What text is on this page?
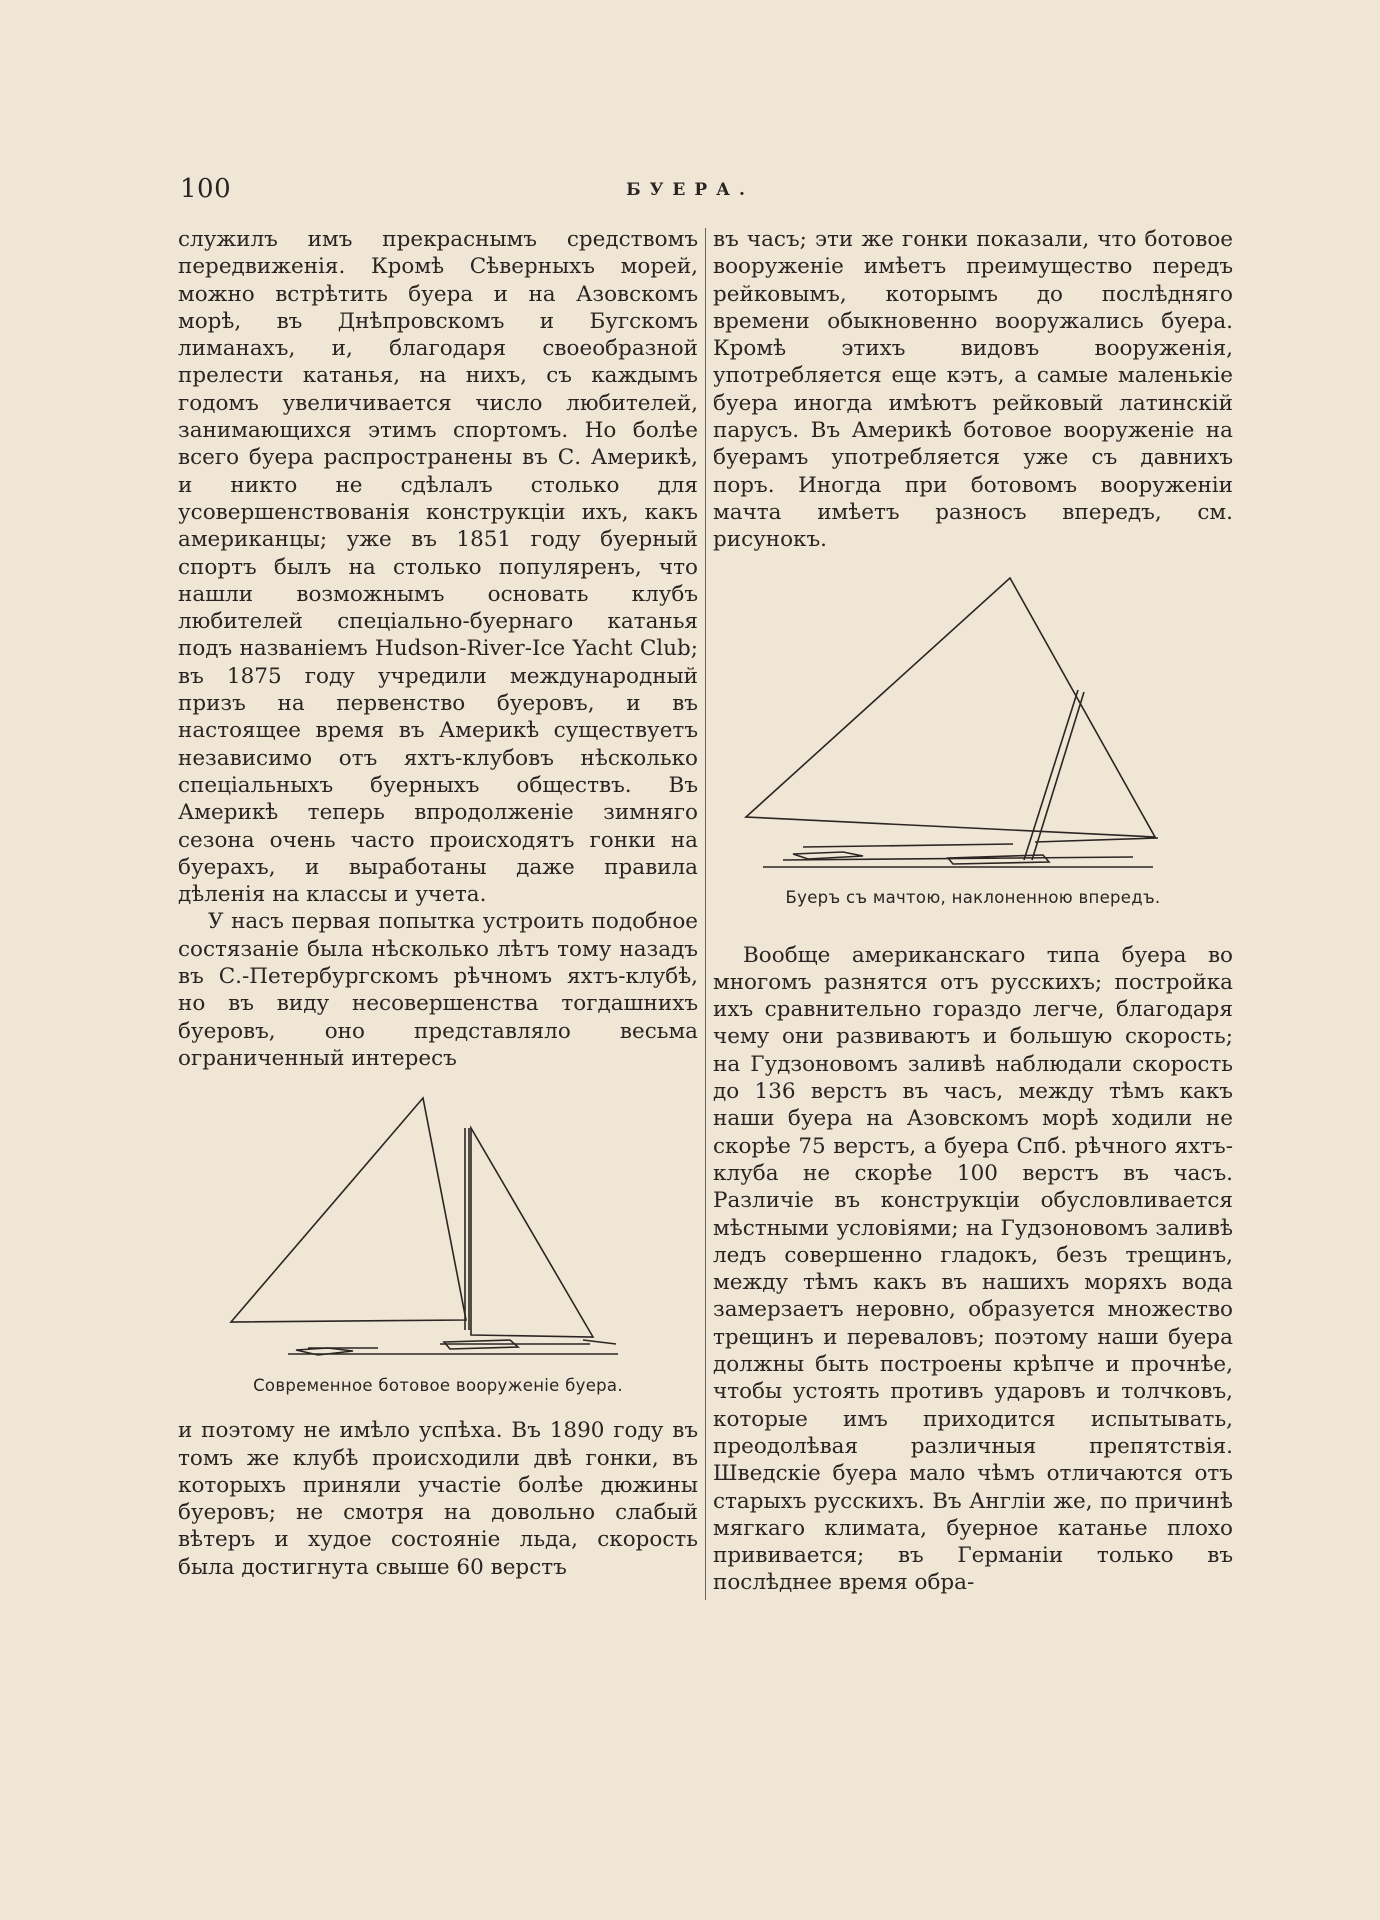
100	БУЕРА.

служилъ имъ прекраснымъ средствомъ передвиженія. Кромѣ Сѣверныхъ морей, можно встрѣтить буера и на Азовскомъ морѣ, въ Днѣпровскомъ и Бугскомъ лиманахъ, и, благодаря своеобразной прелести катанья, на нихъ, съ каждымъ годомъ увеличивается число любителей, занимающихся этимъ спортомъ. Но болѣе всего буера распространены въ С. Америкѣ, и никто не сдѣлалъ столько для усовершенствованія конструкціи ихъ, какъ американцы; уже въ 1851 году буерный спортъ былъ на столько популяренъ, что нашли возможнымъ основать клубъ любителей спеціально-буернаго катанья подъ названіемъ Hudson-River-Ice Yacht Club; въ 1875 году учредили международный призъ на первенство буеровъ, и въ настоящее время въ Америкѣ существуетъ независимо отъ яхтъ-клубовъ нѣсколько спеціальныхъ буерныхъ обществъ. Въ Америкѣ теперь впродолженіе зимняго сезона очень часто происходятъ гонки на буерахъ, и выработаны даже правила дѣленія на классы и учета.

У насъ первая попытка устроить подобное состязаніе была нѣсколько лѣтъ тому назадъ въ С.-Петербургскомъ рѣчномъ яхтъ-клубѣ, но въ виду несовершенства тогдашнихъ буеровъ, оно представляло весьма ограниченный интересъ

Современное ботовое вооруженіе буера.

и поэтому не имѣло успѣха. Въ 1890 году въ томъ же клубѣ происходили двѣ гонки, въ которыхъ приняли участіе болѣе дюжины буеровъ; не смотря на довольно слабый вѣтеръ и худое состояніе льда, скорость была достигнута свыше 60 верстъ

въ часъ; эти же гонки показали, что ботовое вооруженіе имѣетъ преимущество передъ рейковымъ, которымъ до послѣдняго времени обыкновенно вооружались буера. Кромѣ этихъ видовъ вооруженія, употребляется еще кэтъ, а самые маленькіе буера иногда имѣютъ рейковый латинскій парусъ. Въ Америкѣ ботовое вооруженіе на буерамъ употребляется уже съ давнихъ поръ. Иногда при ботовомъ вооруженіи мачта имѣетъ разносъ впередъ, см. рисунокъ.

Буеръ съ мачтою, наклоненною впередъ.

Вообще американскаго типа буера во многомъ разнятся отъ русскихъ; постройка ихъ сравнительно гораздо легче, благодаря чему они развиваютъ и большую скорость; на Гудзоновомъ заливѣ наблюдали скорость до 136 верстъ въ часъ, между тѣмъ какъ наши буера на Азовскомъ морѣ ходили не скорѣе 75 верстъ, а буера Спб. рѣчного яхтъ-клуба не скорѣе 100 верстъ въ часъ. Различіе въ конструкціи обусловливается мѣстными условіями; на Гудзоновомъ заливѣ ледъ совершенно гладокъ, безъ трещинъ, между тѣмъ какъ въ нашихъ моряхъ вода замерзаетъ неровно, образуется множество трещинъ и переваловъ; поэтому наши буера должны быть построены крѣпче и прочнѣе, чтобы устоять противъ ударовъ и толчковъ, которые имъ приходится испытывать, преодолѣвая различныя препятствія. Шведскіе буера мало чѣмъ отличаются отъ старыхъ русскихъ. Въ Англіи же, по причинѣ мягкаго климата, буерное катанье плохо прививается; въ Германіи только въ послѣднее время обра-
